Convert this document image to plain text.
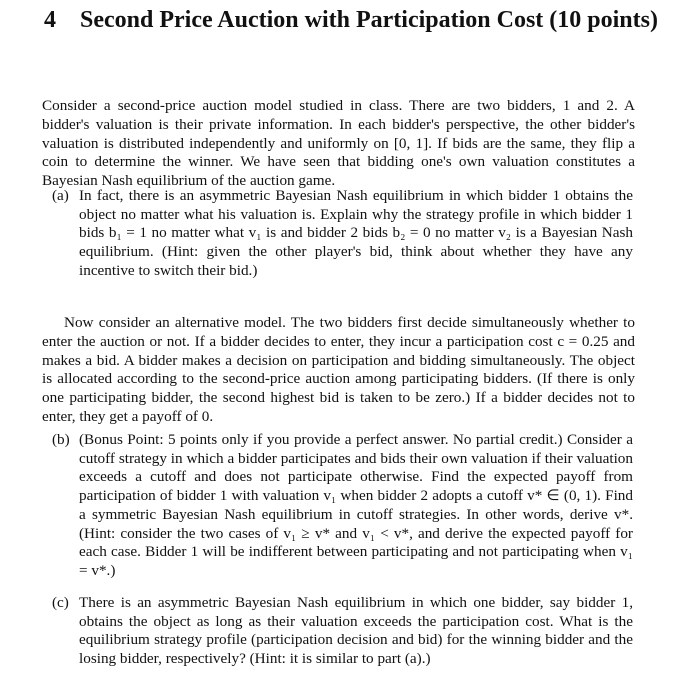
4	Second Price Auction with Participation Cost (10 points)

Consider a second-price auction model studied in class. There are two bidders, 1 and 2. A bidder's valuation is their private information. In each bidder's perspective, the other bidder's valuation is distributed independently and uniformly on [0, 1]. If bids are the same, they flip a coin to determine the winner. We have seen that bidding one's own valuation constitutes a Bayesian Nash equilibrium of the auction game.

(a) In fact, there is an asymmetric Bayesian Nash equilibrium in which bidder 1 obtains the object no matter what his valuation is. Explain why the strategy profile in which bidder 1 bids b₁ = 1 no matter what v₁ is and bidder 2 bids b₂ = 0 no matter v₂ is a Bayesian Nash equilibrium. (Hint: given the other player's bid, think about whether they have any incentive to switch their bid.)

Now consider an alternative model. The two bidders first decide simultaneously whether to enter the auction or not. If a bidder decides to enter, they incur a participation cost c = 0.25 and makes a bid. A bidder makes a decision on participation and bidding simultaneously. The object is allocated according to the second-price auction among participating bidders. (If there is only one participating bidder, the second highest bid is taken to be zero.) If a bidder decides not to enter, they get a payoff of 0.

(b) (Bonus Point: 5 points only if you provide a perfect answer. No partial credit.) Consider a cutoff strategy in which a bidder participates and bids their own valuation if their valuation exceeds a cutoff and does not participate otherwise. Find the expected payoff from participation of bidder 1 with valuation v₁ when bidder 2 adopts a cutoff v* ∈ (0, 1). Find a symmetric Bayesian Nash equilibrium in cutoff strategies. In other words, derive v*. (Hint: consider the two cases of v₁ ≥ v* and v₁ < v*, and derive the expected payoff for each case. Bidder 1 will be indifferent between participating and not participating when v₁ = v*.)
(c) There is an asymmetric Bayesian Nash equilibrium in which one bidder, say bidder 1, obtains the object as long as their valuation exceeds the participation cost. What is the equilibrium strategy profile (participation decision and bid) for the winning bidder and the losing bidder, respectively? (Hint: it is similar to part (a).)
